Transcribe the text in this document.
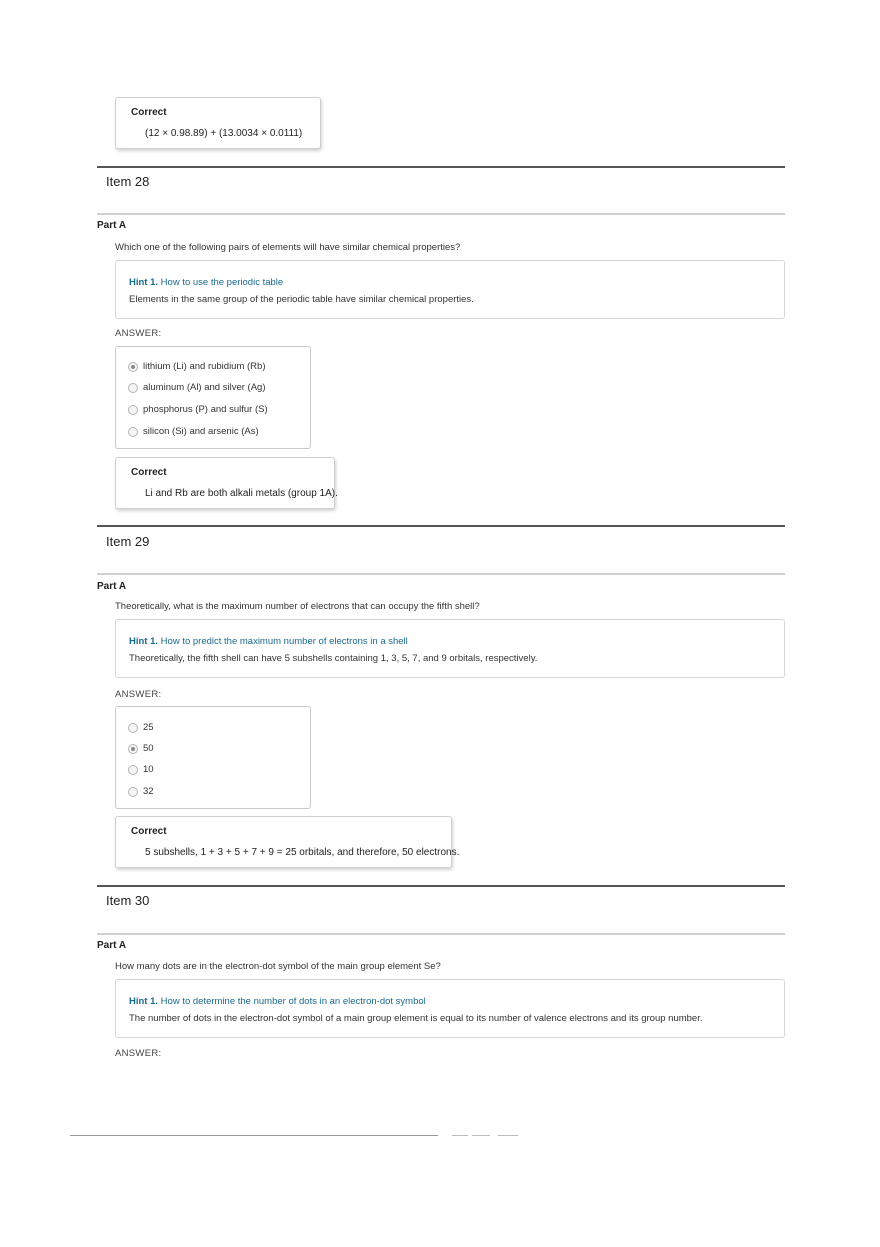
Correct
(12 × 0.98.89) + (13.0034 × 0.0111)
Item 28
Part A
Which one of the following pairs of elements will have similar chemical properties?
Hint 1. How to use the periodic table
Elements in the same group of the periodic table have similar chemical properties.
ANSWER:
lithium (Li) and rubidium (Rb)
aluminum (Al) and silver (Ag)
phosphorus (P) and sulfur (S)
silicon (Si) and arsenic (As)
Correct
Li and Rb are both alkali metals (group 1A).
Item 29
Part A
Theoretically, what is the maximum number of electrons that can occupy the fifth shell?
Hint 1. How to predict the maximum number of electrons in a shell
Theoretically, the fifth shell can have 5 subshells containing 1, 3, 5, 7, and 9 orbitals, respectively.
ANSWER:
25
50
10
32
Correct
5 subshells, 1 + 3 + 5 + 7 + 9 = 25 orbitals, and therefore, 50 electrons.
Item 30
Part A
How many dots are in the electron-dot symbol of the main group element Se?
Hint 1. How to determine the number of dots in an electron-dot symbol
The number of dots in the electron-dot symbol of a main group element is equal to its number of valence electrons and its group number.
ANSWER:
